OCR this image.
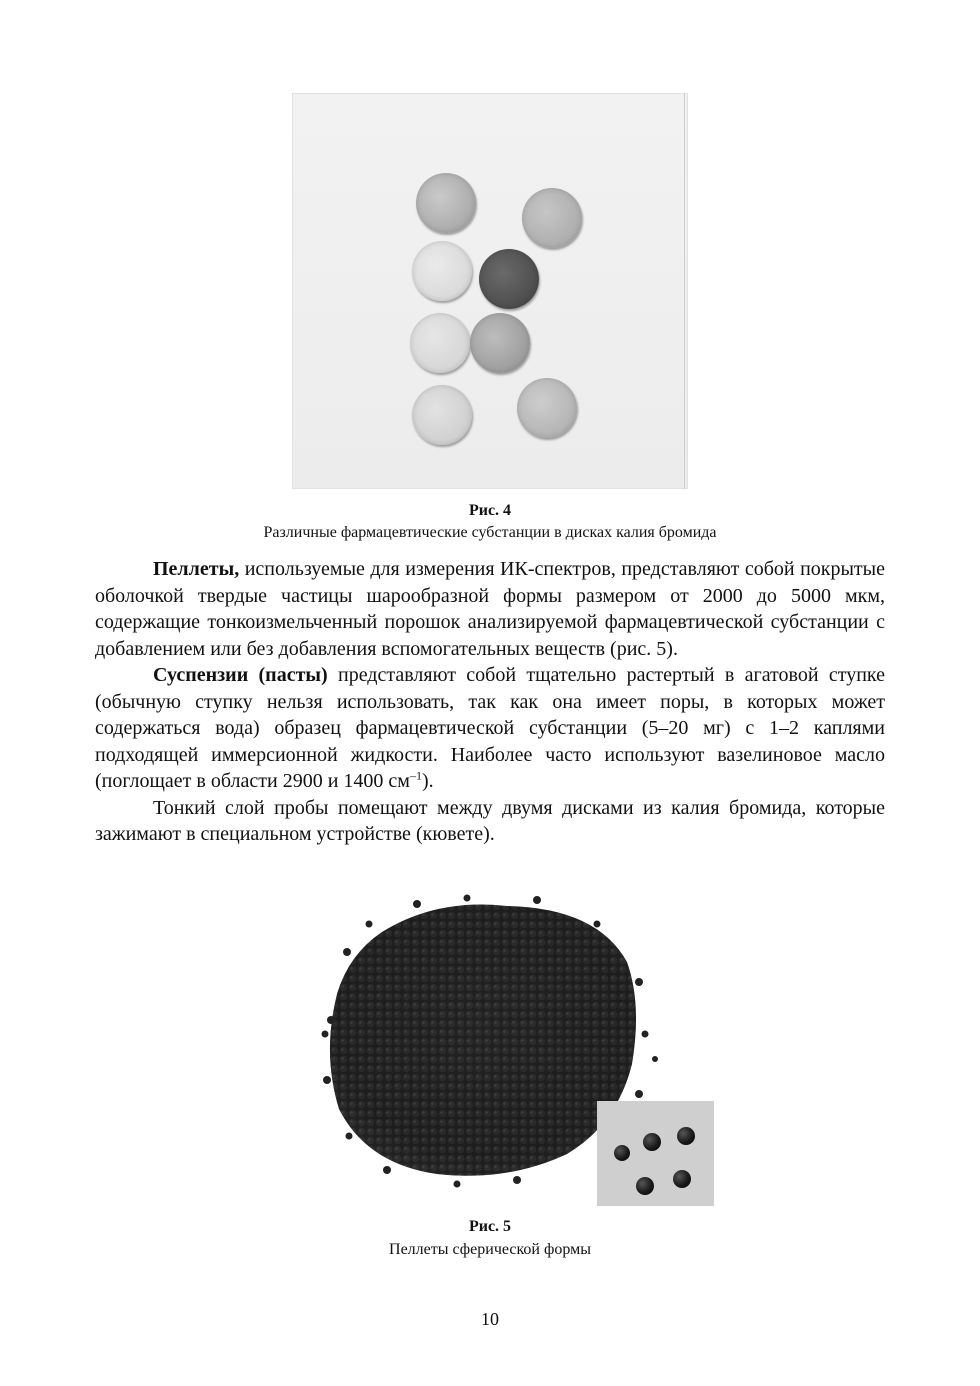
Рис. 4
Различные фармацевтические субстанции в дисках калия бромида

Пеллеты, используемые для измерения ИК-спектров, представляют собой покрытые оболочкой твердые частицы шарообразной формы размером от 2000 до 5000 мкм, содержащие тонкоизмельченный порошок анализируемой фармацевтической субстанции с добавлением или без добавления вспомогательных веществ (рис. 5).

Суспензии (пасты) представляют собой тщательно растертый в агатовой ступке (обычную ступку нельзя использовать, так как она имеет поры, в которых может содержаться вода) образец фармацевтической субстанции (5–20 мг) с 1–2 каплями подходящей иммерсионной жидкости. Наиболее часто используют вазелиновое масло (поглощает в области 2900 и 1400 $см^{-1}$).

Тонкий слой пробы помещают между двумя дисками из калия бромида, которые зажимают в специальном устройстве (кювете).

Рис. 5
Пеллеты сферической формы
10
